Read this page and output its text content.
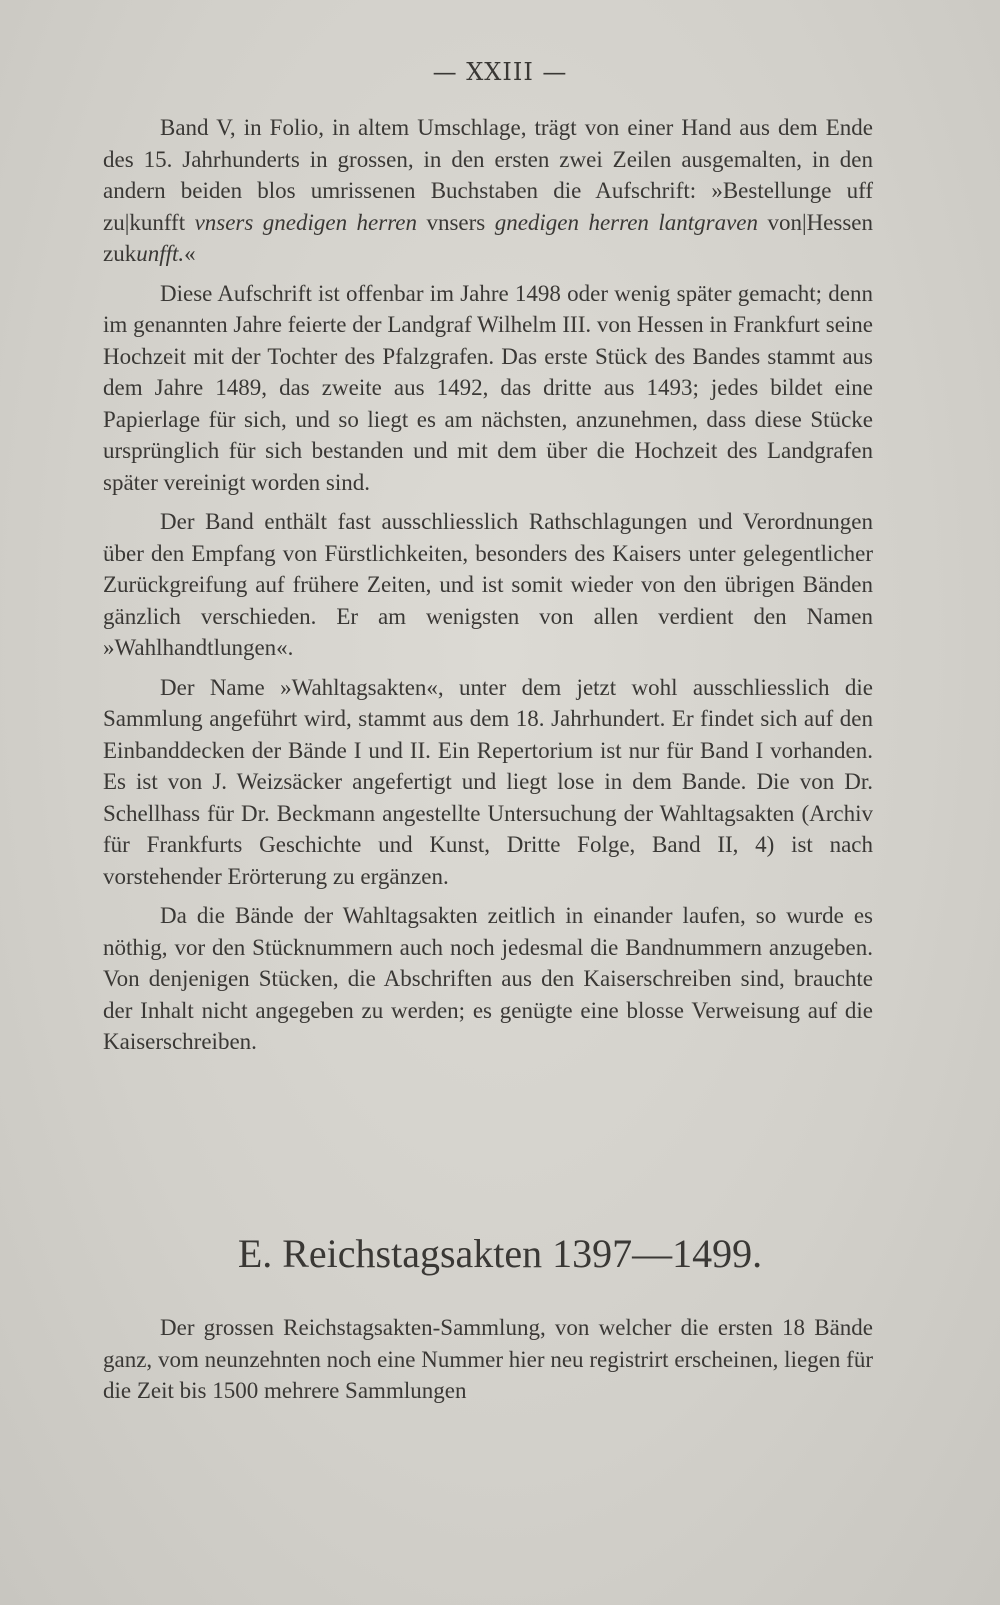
— XXIII —

Band V, in Folio, in altem Umschlage, trägt von einer Hand aus dem Ende des 15. Jahrhunderts in grossen, in den ersten zwei Zeilen ausgemalten, in den andern beiden blos umrissenen Buchstaben die Aufschrift: »Bestellunge uff zu|kunfft vnsers gnedigen herren vnsers gnedigen herren lantgraven von|Hessen zukunfft.«

Diese Aufschrift ist offenbar im Jahre 1498 oder wenig später gemacht; denn im genannten Jahre feierte der Landgraf Wilhelm III. von Hessen in Frankfurt seine Hochzeit mit der Tochter des Pfalzgrafen. Das erste Stück des Bandes stammt aus dem Jahre 1489, das zweite aus 1492, das dritte aus 1493; jedes bildet eine Papierlage für sich, und so liegt es am nächsten, anzunehmen, dass diese Stücke ursprünglich für sich bestanden und mit dem über die Hochzeit des Landgrafen später vereinigt worden sind.

Der Band enthält fast ausschliesslich Rathschlagungen und Verordnungen über den Empfang von Fürstlichkeiten, besonders des Kaisers unter gelegentlicher Zurückgreifung auf frühere Zeiten, und ist somit wieder von den übrigen Bänden gänzlich verschieden. Er am wenigsten von allen verdient den Namen »Wahlhandtlungen«.

Der Name »Wahltagsakten«, unter dem jetzt wohl ausschliesslich die Sammlung angeführt wird, stammt aus dem 18. Jahrhundert. Er findet sich auf den Einbanddecken der Bände I und II. Ein Repertorium ist nur für Band I vorhanden. Es ist von J. Weizsäcker angefertigt und liegt lose in dem Bande. Die von Dr. Schellhass für Dr. Beckmann angestellte Untersuchung der Wahltagsakten (Archiv für Frankfurts Geschichte und Kunst, Dritte Folge, Band II, 4) ist nach vorstehender Erörterung zu ergänzen.

Da die Bände der Wahltagsakten zeitlich in einander laufen, so wurde es nöthig, vor den Stücknummern auch noch jedesmal die Bandnummern anzugeben. Von denjenigen Stücken, die Abschriften aus den Kaiserschreiben sind, brauchte der Inhalt nicht angegeben zu werden; es genügte eine blosse Verweisung auf die Kaiserschreiben.

E. Reichstagsakten 1397—1499.

Der grossen Reichstagsakten-Sammlung, von welcher die ersten 18 Bände ganz, vom neunzehnten noch eine Nummer hier neu registrirt erscheinen, liegen für die Zeit bis 1500 mehrere Sammlungen
